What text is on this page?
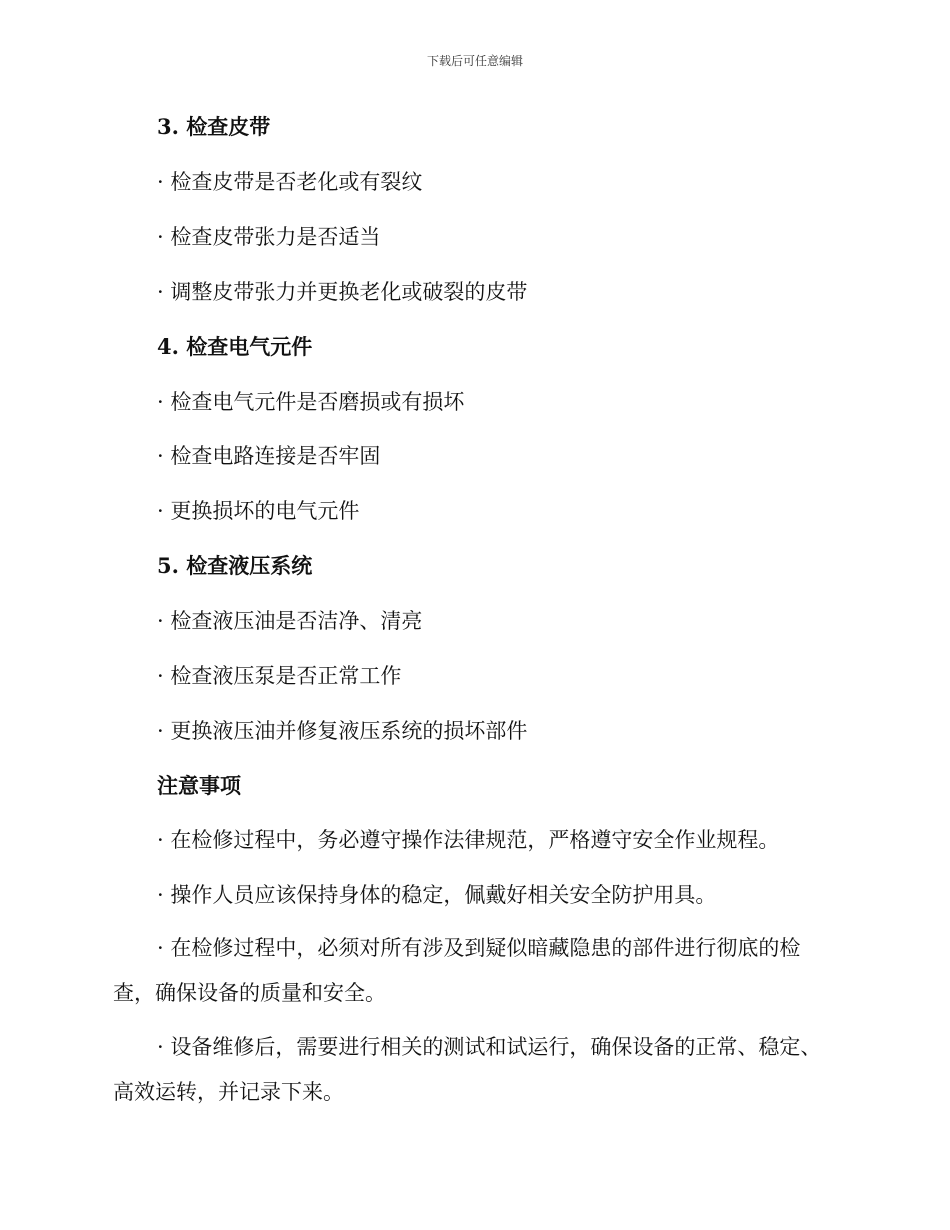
下载后可任意编辑
3. 检查皮带
· 检查皮带是否老化或有裂纹
· 检查皮带张力是否适当
· 调整皮带张力并更换老化或破裂的皮带
4. 检查电气元件
· 检查电气元件是否磨损或有损坏
· 检查电路连接是否牢固
· 更换损坏的电气元件
5. 检查液压系统
· 检查液压油是否洁净、清亮
· 检查液压泵是否正常工作
· 更换液压油并修复液压系统的损坏部件
注意事项
· 在检修过程中，务必遵守操作法律规范，严格遵守安全作业规程。
· 操作人员应该保持身体的稳定，佩戴好相关安全防护用具。
· 在检修过程中，必须对所有涉及到疑似暗藏隐患的部件进行彻底的检查，确保设备的质量和安全。
· 设备维修后，需要进行相关的测试和试运行，确保设备的正常、稳定、高效运转，并记录下来。
